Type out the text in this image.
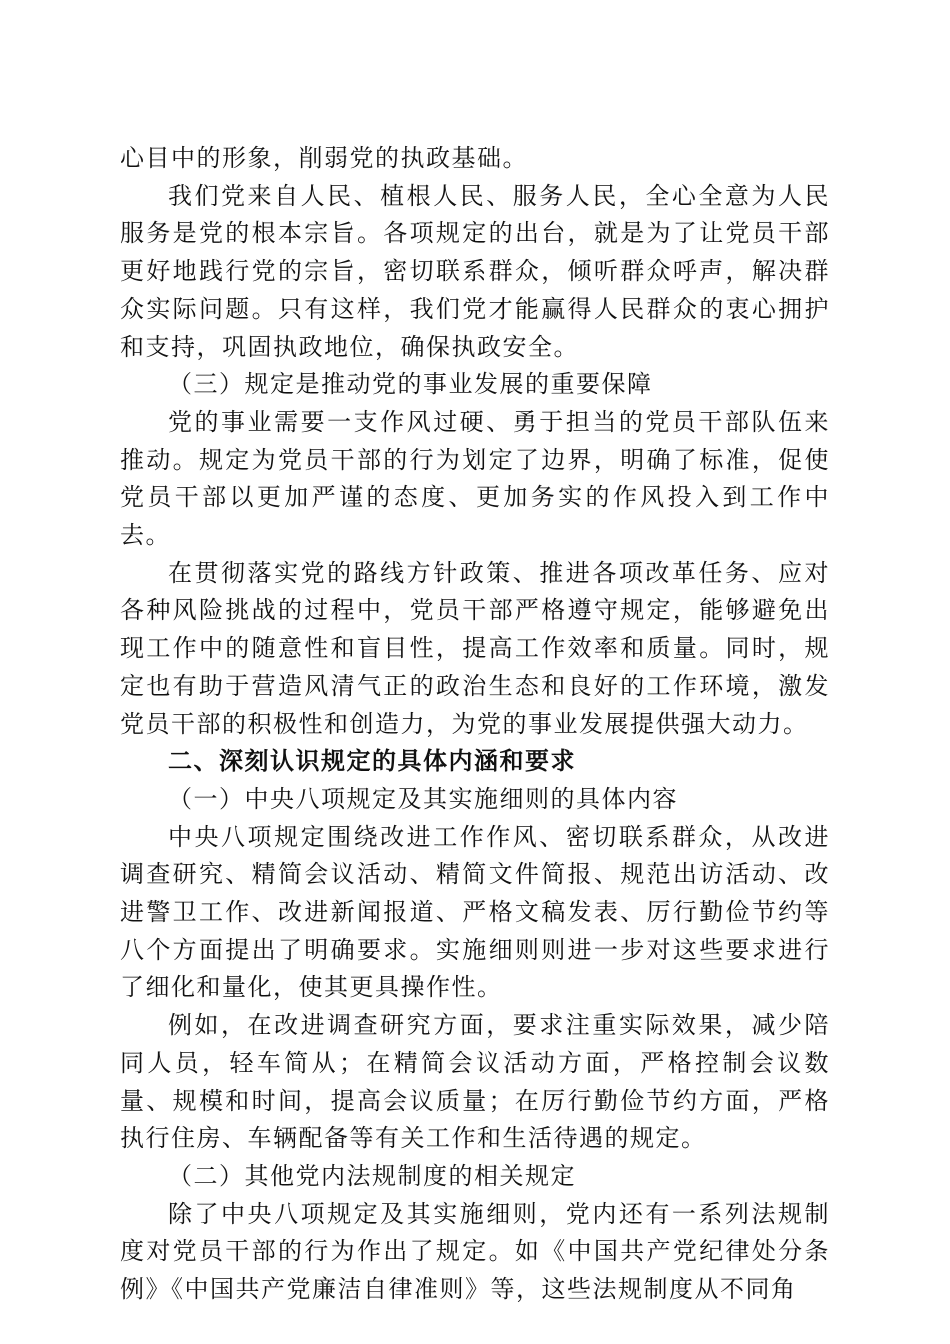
心目中的形象，削弱党的执政基础。

我们党来自人民、植根人民、服务人民，全心全意为人民服务是党的根本宗旨。各项规定的出台，就是为了让党员干部更好地践行党的宗旨，密切联系群众，倾听群众呼声，解决群众实际问题。只有这样，我们党才能赢得人民群众的衷心拥护和支持，巩固执政地位，确保执政安全。

（三）规定是推动党的事业发展的重要保障

党的事业需要一支作风过硬、勇于担当的党员干部队伍来推动。规定为党员干部的行为划定了边界，明确了标准，促使党员干部以更加严谨的态度、更加务实的作风投入到工作中去。

在贯彻落实党的路线方针政策、推进各项改革任务、应对各种风险挑战的过程中，党员干部严格遵守规定，能够避免出现工作中的随意性和盲目性，提高工作效率和质量。同时，规定也有助于营造风清气正的政治生态和良好的工作环境，激发党员干部的积极性和创造力，为党的事业发展提供强大动力。

二、深刻认识规定的具体内涵和要求
（一）中央八项规定及其实施细则的具体内容

中央八项规定围绕改进工作作风、密切联系群众，从改进调查研究、精简会议活动、精简文件简报、规范出访活动、改进警卫工作、改进新闻报道、严格文稿发表、厉行勤俭节约等八个方面提出了明确要求。实施细则则进一步对这些要求进行了细化和量化，使其更具操作性。

例如，在改进调查研究方面，要求注重实际效果，减少陪同人员，轻车简从；在精简会议活动方面，严格控制会议数量、规模和时间，提高会议质量；在厉行勤俭节约方面，严格执行住房、车辆配备等有关工作和生活待遇的规定。

（二）其他党内法规制度的相关规定

除了中央八项规定及其实施细则，党内还有一系列法规制度对党员干部的行为作出了规定。如《中国共产党纪律处分条例》《中国共产党廉洁自律准则》等，这些法规制度从不同角
